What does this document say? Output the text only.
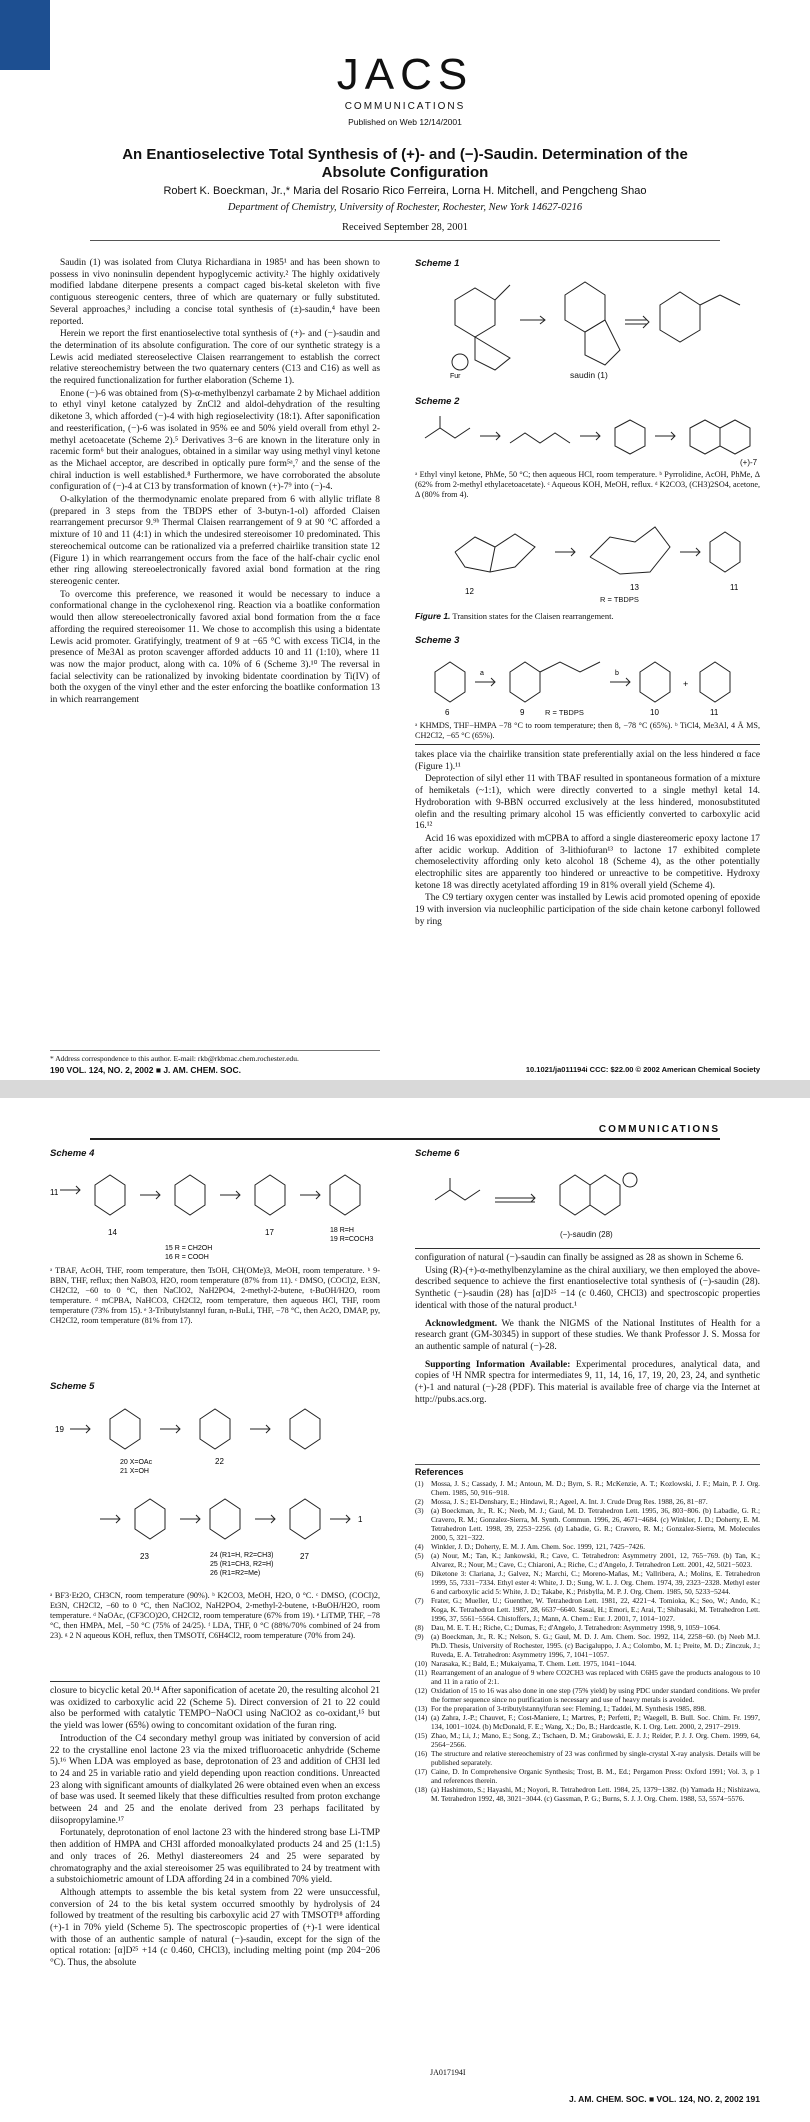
JACS
COMMUNICATIONS
Published on Web 12/14/2001
An Enantioselective Total Synthesis of (+)- and (−)-Saudin. Determination of the Absolute Configuration
Robert K. Boeckman, Jr.,* Maria del Rosario Rico Ferreira, Lorna H. Mitchell, and Pengcheng Shao
Department of Chemistry, University of Rochester, Rochester, New York 14627-0216
Received September 28, 2001

Saudin (1) was isolated from Clutya Richardiana in 1985¹ and has been shown to possess in vivo noninsulin dependent hypoglycemic activity.² The highly oxidatively modified labdane diterpene presents a compact caged bis-ketal skeleton with five contiguous stereogenic centers, three of which are quaternary or fully substituted. Several approaches,³ including a concise total synthesis of (±)-saudin,⁴ have been reported.

Herein we report the first enantioselective total synthesis of (+)- and (−)-saudin and the determination of its absolute configuration. The core of our synthetic strategy is a Lewis acid mediated stereoselective Claisen rearrangement to establish the correct relative stereochemistry between the two quaternary centers (C13 and C16) as well as the required functionalization for further elaboration (Scheme 1).

Enone (−)-6 was obtained from (S)-α-methylbenzyl carbamate 2 by Michael addition to ethyl vinyl ketone catalyzed by ZnCl2 and aldol-dehydration of the resulting diketone 3, which afforded (−)-4 with high regioselectivity (18:1). After saponification and reesterification, (−)-6 was isolated in 95% ee and 50% yield overall from ethyl 2-methyl acetoacetate (Scheme 2).⁵ Derivatives 3−6 are known in the literature only in racemic form⁶ but their analogues, obtained in a similar way using methyl vinyl ketone as the Michael acceptor, are described in optically pure form⁵ᵃ,⁷ and the sense of the chiral induction is well established.⁸ Furthermore, we have corroborated the absolute configuration of (−)-4 at C13 by transformation of known (+)-7⁹ into (−)-4.

O-alkylation of the thermodynamic enolate prepared from 6 with allylic triflate 8 (prepared in 3 steps from the TBDPS ether of 3-butyn-1-ol) afforded Claisen rearrangement precursor 9.⁹ᵇ Thermal Claisen rearrangement of 9 at 90 °C afforded a mixture of 10 and 11 (4:1) in which the undesired stereoisomer 10 predominated. This stereochemical outcome can be rationalized via a preferred chairlike transition state 12 (Figure 1) in which rearrangement occurs from the face of the half-chair cyclic enol ether ring allowing stereoelectronically favored axial bond formation at the ring stereogenic center.

To overcome this preference, we reasoned it would be necessary to induce a conformational change in the cyclohexenol ring. Reaction via a boatlike conformation would then allow stereoelectronically favored axial bond formation from the α face affording the required stereoisomer 11. We chose to accomplish this using a bidentate Lewis acid promoter. Gratifyingly, treatment of 9 at −65 °C with excess TiCl4, in the presence of Me3Al as proton scavenger afforded adducts 10 and 11 (1:10), where 11 was now the major product, along with ca. 10% of 6 (Scheme 3).¹⁰ The reversal in facial selectivity can be rationalized by invoking bidentate coordination by Ti(IV) of both the oxygen of the vinyl ether and the ester enforcing the boatlike conformation 13 in which rearrangement

* Address correspondence to this author. E-mail: rkb@rkbmac.chem.rochester.edu.
Scheme 1
Fur	saudin (1)
Scheme 2
(+)-7
ᵃ Ethyl vinyl ketone, PhMe, 50 °C; then aqueous HCl, room temperature. ᵇ Pyrrolidine, AcOH, PhMe, Δ (62% from 2-methyl ethylacetoacetate). ᶜ Aqueous KOH, MeOH, reflux. ᵈ K2CO3, (CH3)2SO4, acetone, Δ (80% from 4).
12	13	11
R = TBDPS
Figure 1. Transition states for the Claisen rearrangement.
Scheme 3
6
a
9
b
10
+
11
R = TBDPS
ᵃ KHMDS, THF−HMPA −78 °C to room temperature; then 8, −78 °C (65%). ᵇ TiCl4, Me3Al, 4 Å MS, CH2Cl2, −65 °C (65%).

takes place via the chairlike transition state preferentially axial on the less hindered α face (Figure 1).¹¹

Deprotection of silyl ether 11 with TBAF resulted in spontaneous formation of a mixture of hemiketals (~1:1), which were directly converted to a single methyl ketal 14. Hydroboration with 9-BBN occurred exclusively at the less hindered, monosubstituted olefin and the resulting primary alcohol 15 was efficiently converted to carboxylic acid 16.¹²

Acid 16 was epoxidized with mCPBA to afford a single diastereomeric epoxy lactone 17 after acidic workup. Addition of 3-lithiofuran¹³ to lactone 17 exhibited complete chemoselectivity affording only keto alcohol 18 (Scheme 4), as the other potentially electrophilic sites are apparently too hindered or unreactive to be competitive. Hydroxy ketone 18 was directly acetylated affording 19 in 81% overall yield (Scheme 4).

The C9 tertiary oxygen center was installed by Lewis acid promoted opening of epoxide 19 with inversion via nucleophilic participation of the side chain ketone carbonyl followed by ring

190 VOL. 124, NO. 2, 2002 ■ J. AM. CHEM. SOC.	10.1021/ja011194i CCC: $22.00 © 2002 American Chemical Society
COMMUNICATIONS
Scheme 4
11
14
15 R = CH2OH
16 R = COOH
17	18 R=H
19 R=COCH3
ᵃ TBAF, AcOH, THF, room temperature, then TsOH, CH(OMe)3, MeOH, room temperature. ᵇ 9-BBN, THF, reflux; then NaBO3, H2O, room temperature (87% from 11). ᶜ DMSO, (COCl)2, Et3N, CH2Cl2, −60 to 0 °C, then NaClO2, NaH2PO4, 2-methyl-2-butene, t-BuOH/H2O, room temperature. ᵈ mCPBA, NaHCO3, CH2Cl2, room temperature, then aqueous HCl, THF, room temperature (73% from 15). ᵉ 3-Tributylstannyl furan, n-BuLi, THF, −78 °C, then Ac2O, DMAP, py, CH2Cl2, room temperature (81% from 17).
Scheme 5
19
20 X=OAc
21 X=OH
22
23	24 (R1=H, R2=CH3)
25 (R1=CH3, R2=H)
26 (R1=R2=Me)
27
1
ᵃ BF3·Et2O, CH3CN, room temperature (90%). ᵇ K2CO3, MeOH, H2O, 0 °C. ᶜ DMSO, (COCl)2, Et3N, CH2Cl2, −60 to 0 °C, then NaClO2, NaH2PO4, 2-methyl-2-butene, t-BuOH/H2O, room temperature. ᵈ NaOAc, (CF3CO)2O, CH2Cl2, room temperature (67% from 19). ᵉ LiTMP, THF, −78 °C, then HMPA, MeI, −50 °C (75% of 24/25). ᶠ LDA, THF, 0 °C (88%/70% combined of 24 from 23). ᵍ 2 N aqueous KOH, reflux, then TMSOTf, C6H4Cl2, room temperature (70% from 24).

closure to bicyclic ketal 20.¹⁴ After saponification of acetate 20, the resulting alcohol 21 was oxidized to carboxylic acid 22 (Scheme 5). Direct conversion of 21 to 22 could also be performed with catalytic TEMPO−NaOCl using NaClO2 as co-oxidant,¹⁵ but the yield was lower (65%) owing to concomitant oxidation of the furan ring.

Introduction of the C4 secondary methyl group was initiated by conversion of acid 22 to the crystalline enol lactone 23 via the mixed trifluoroacetic anhydride (Scheme 5).¹⁶ When LDA was employed as base, deprotonation of 23 and addition of CH3I led to 24 and 25 in variable ratio and yield depending upon reaction conditions. Unreacted 23 along with significant amounts of dialkylated 26 were obtained even when an excess of base was used. It seemed likely that these difficulties resulted from proton exchange between 24 and 25 and the enolate derived from 23 perhaps facilitated by diisopropylamine.¹⁷

Fortunately, deprotonation of enol lactone 23 with the hindered strong base Li-TMP then addition of HMPA and CH3I afforded monoalkylated products 24 and 25 (1:1.5) and only traces of 26. Methyl diastereomers 24 and 25 were separated by chromatography and the axial stereoisomer 25 was equilibrated to 24 by treatment with a substoichiometric amount of LDA affording 24 in a combined 70% yield.

Although attempts to assemble the bis ketal system from 22 were unsuccessful, conversion of 24 to the bis ketal system occurred smoothly by hydrolysis of 24 followed by treatment of the resulting bis carboxylic acid 27 with TMSOTf¹⁸ affording (+)-1 in 70% yield (Scheme 5). The spectroscopic properties of (+)-1 were identical with those of an authentic sample of natural (−)-saudin, except for the sign of the optical rotation: [α]D²⁵ +14 (c 0.460, CHCl3), including melting point (mp 204−206 °C). Thus, the absolute

Scheme 6
(−)-saudin (28)

configuration of natural (−)-saudin can finally be assigned as 28 as shown in Scheme 6.

Using (R)-(+)-α-methylbenzylamine as the chiral auxiliary, we then employed the above-described sequence to achieve the first enantioselective total synthesis of (−)-saudin (28). Synthetic (−)-saudin (28) has [α]D²⁵ −14 (c 0.460, CHCl3) and spectroscopic properties identical with those of the natural product.¹

Acknowledgment. We thank the NIGMS of the National Institutes of Health for a research grant (GM-30345) in support of these studies. We thank Professor J. S. Mossa for an authentic sample of natural (−)-28.

Supporting Information Available: Experimental procedures, analytical data, and copies of ¹H NMR spectra for intermediates 9, 11, 14, 16, 17, 19, 20, 23, 24, and synthetic (+)-1 and natural (−)-28 (PDF). This material is available free of charge via the Internet at http://pubs.acs.org.

References
(1)	Mossa, J. S.; Cassady, J. M.; Antoun, M. D.; Byrn, S. R.; McKenzie, A. T.; Kozlowski, J. F.; Main, P. J. Org. Chem. 1985, 50, 916−918.
(2)	Mossa, J. S.; El-Denshary, E.; Hindawi, R.; Ageel, A. Int. J. Crude Drug Res. 1988, 26, 81−87.
(3)	(a) Boeckman, Jr., R. K.; Neeb, M. J.; Gaul, M. D. Tetrahedron Lett. 1995, 36, 803−806. (b) Labadie, G. R.; Cravero, R. M.; Gonzalez-Sierra, M. Synth. Commun. 1996, 26, 4671−4684. (c) Winkler, J. D.; Doherty, E. M. Tetrahedron Lett. 1998, 39, 2253−2256. (d) Labadie, G. R.; Cravero, R. M.; Gonzalez-Sierra, M. Molecules 2000, 5, 321−322.
(4)	Winkler, J. D.; Doherty, E. M. J. Am. Chem. Soc. 1999, 121, 7425−7426.
(5)	(a) Nour, M.; Tan, K.; Jankowski, R.; Cave, C. Tetrahedron: Asymmetry 2001, 12, 765−769. (b) Tan, K.; Alvarez, R.; Nour, M.; Cave, C.; Chiaroni, A.; Riche, C.; d'Angelo, J. Tetrahedron Lett. 2001, 42, 5021−5023.
(6)	Diketone 3: Clariana, J.; Galvez, N.; Marchi, C.; Moreno-Mañas, M.; Vallribera, A.; Molins, E. Tetrahedron 1999, 55, 7331−7334. Ethyl ester 4: White, J. D.; Sung, W. L. J. Org. Chem. 1974, 39, 2323−2328. Methyl ester 6 and carboxylic acid 5: White, J. D.; Takabe, K.; Prisbylla, M. P. J. Org. Chem. 1985, 50, 5233−5244.
(7)	Frater, G.; Mueller, U.; Guenther, W. Tetrahedron Lett. 1981, 22, 4221−4. Tomioka, K.; Seo, W.; Ando, K.; Koga, K. Tetrahedron Lett. 1987, 28, 6637−6640. Sasai, H.; Emori, E.; Arai, T.; Shibasaki, M. Tetrahedron Lett. 1996, 37, 5561−5564. Chistoffers, J.; Mann, A. Chem.: Eur. J. 2001, 7, 1014−1027.
(8)	Dau, M. E. T. H.; Riche, C.; Dumas, F.; d'Angelo, J. Tetrahedron: Asymmetry 1998, 9, 1059−1064.
(9)	(a) Boeckman, Jr., R. K.; Nelson, S. G.; Gaul, M. D. J. Am. Chem. Soc. 1992, 114, 2258−60. (b) Neeb M.J. Ph.D. Thesis, University of Rochester, 1995. (c) Bacigaluppo, J. A.; Colombo, M. I.; Preite, M. D.; Zinczuk, J.; Ruveda, E. A. Tetrahedron: Asymmetry 1996, 7, 1041−1057.
(10) Narasaka, K.; Bald, E.; Mukaiyama, T. Chem. Lett. 1975, 1041−1044.
(11) Rearrangement of an analogue of 9 where CO2CH3 was replaced with C6H5 gave the products analogous to 10 and 11 in a ratio of 2:1.
(12) Oxidation of 15 to 16 was also done in one step (75% yield) by using PDC under standard conditions. We prefer the former sequence since no purification is necessary and use of heavy metals is avoided.
(13) For the preparation of 3-tributylstannylfuran see: Fleming, I.; Taddei, M. Synthesis 1985, 898.
(14) (a) Zahra, J.-P.; Chauvet, F.; Cost-Maniere, I.; Martres, P.; Perfetti, P.; Waegell, B. Bull. Soc. Chim. Fr. 1997, 134, 1001−1024. (b) McDonald, F. E.; Wang, X.; Do, B.; Hardcastle, K. I. Org. Lett. 2000, 2, 2917−2919.
(15) Zhao, M.; Li, J.; Mano, E.; Song, Z.; Tschaen, D. M.; Grabowski, E. J. J.; Reider, P. J. J. Org. Chem. 1999, 64, 2564−2566.
(16) The structure and relative stereochemistry of 23 was confirmed by single-crystal X-ray analysis. Details will be published separately.
(17) Caine, D. In Comprehensive Organic Synthesis; Trost, B. M., Ed.; Pergamon Press: Oxford 1991; Vol. 3, p 1 and references therein.
(18) (a) Hashimoto, S.; Hayashi, M.; Noyori, R. Tetrahedron Lett. 1984, 25, 1379−1382. (b) Yamada H.; Nishizawa, M. Tetrahedron 1992, 48, 3021−3044. (c) Gassman, P. G.; Burns, S. J. J. Org. Chem. 1988, 53, 5574−5576.
JA017194I
J. AM. CHEM. SOC. ■ VOL. 124, NO. 2, 2002 191
